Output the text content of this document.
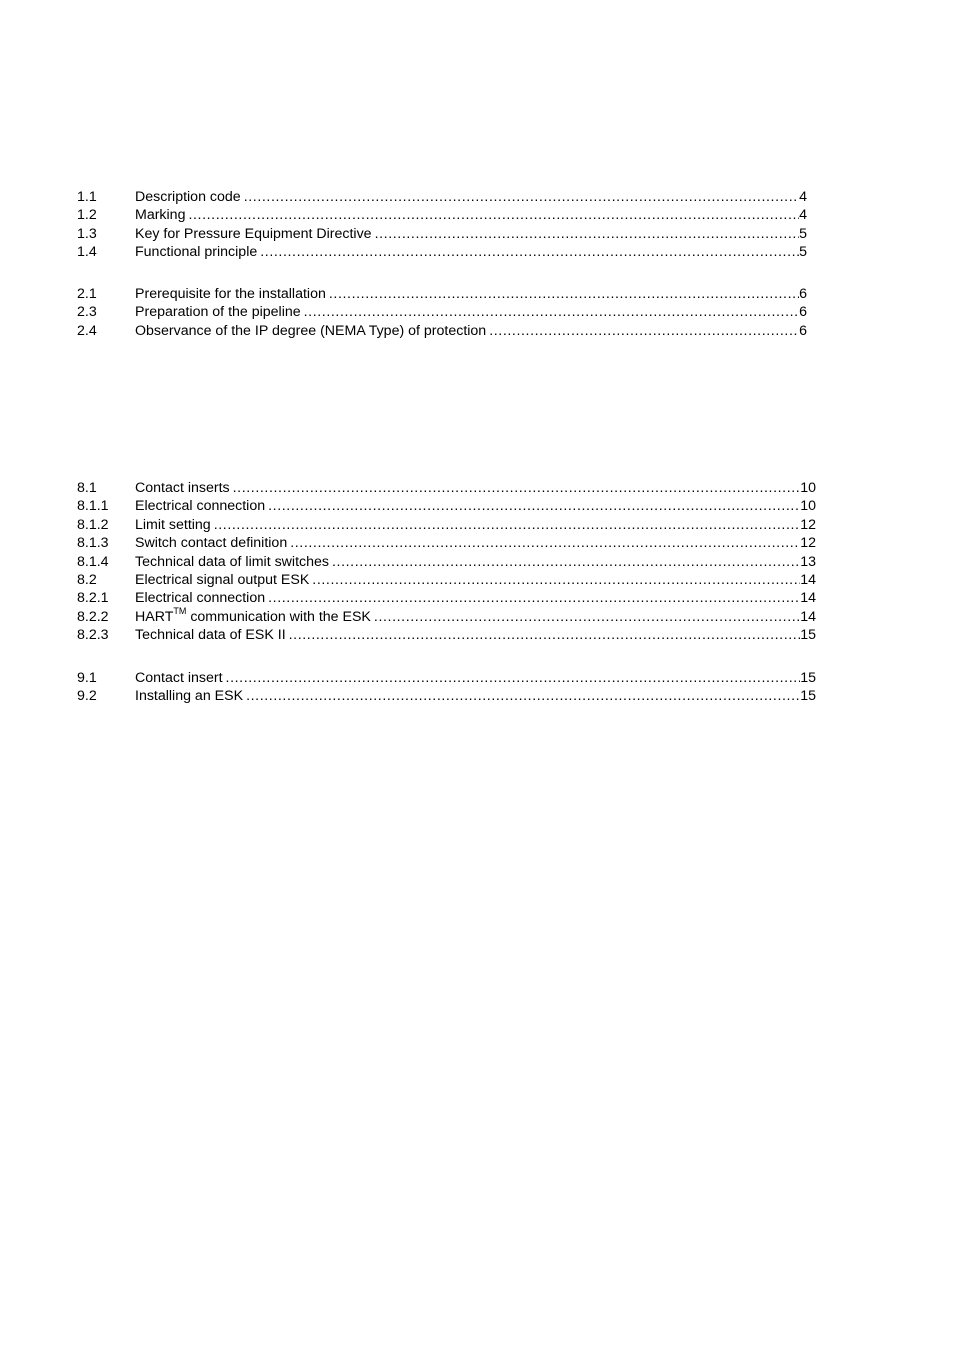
1.1	Description code .....	4
1.2	Marking .....	4
1.3	Key for Pressure Equipment Directive .....	5
1.4	Functional principle .....	5
2.1	Prerequisite for the installation .....	6
2.3	Preparation of the pipeline .....	6
2.4	Observance of the IP degree (NEMA Type) of protection .....	6
8.1	Contact inserts .....	10
8.1.1 Electrical connection .....	10
8.1.2 Limit setting .....	12
8.1.3 Switch contact definition .....	12
8.1.4 Technical data of limit switches .....	13
8.2	Electrical signal output ESK .....	14
8.2.1 Electrical connection .....	14
8.2.2 HART™ communication with the ESK .....	14
8.2.3 Technical data of ESK II .....	15
9.1	Contact insert .....	15
9.2	Installing an ESK .....	15
